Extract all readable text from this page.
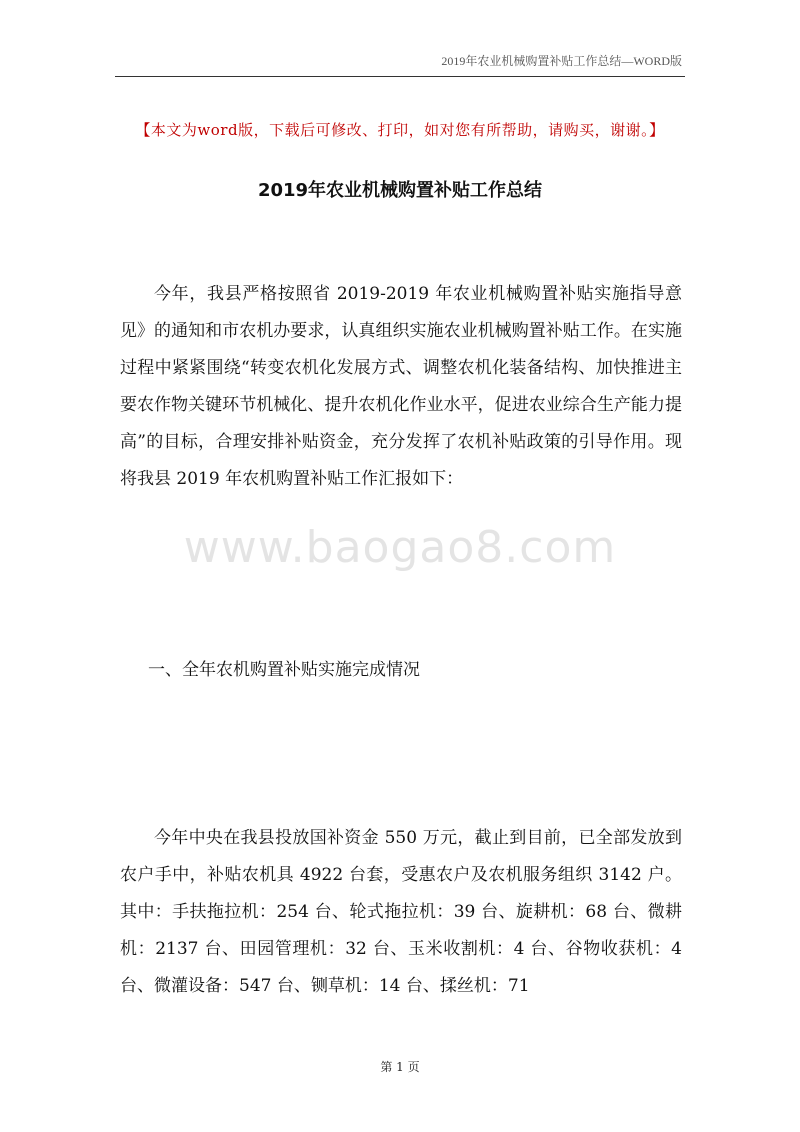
2019年农业机械购置补贴工作总结—WORD版
【本文为word版，下载后可修改、打印，如对您有所帮助，请购买，谢谢。】
2019年农业机械购置补贴工作总结

今年，我县严格按照省 2019-2019 年农业机械购置补贴实施指导意见》的通知和市农机办要求，认真组织实施农业机械购置补贴工作。在实施过程中紧紧围绕“转变农机化发展方式、调整农机化装备结构、加快推进主要农作物关键环节机械化、提升农机化作业水平，促进农业综合生产能力提高”的目标，合理安排补贴资金，充分发挥了农机补贴政策的引导作用。现将我县 2019 年农机购置补贴工作汇报如下：

www.baogao8.com
一、全年农机购置补贴实施完成情况

今年中央在我县投放国补资金 550 万元，截止到目前，已全部发放到农户手中，补贴农机具 4922 台套，受惠农户及农机服务组织 3142 户。其中：手扶拖拉机：254 台、轮式拖拉机：39 台、旋耕机：68 台、微耕机：2137 台、田园管理机：32 台、玉米收割机：4 台、谷物收获机：4 台、微灌设备：547 台、铡草机：14 台、揉丝机：71

第 1 页
